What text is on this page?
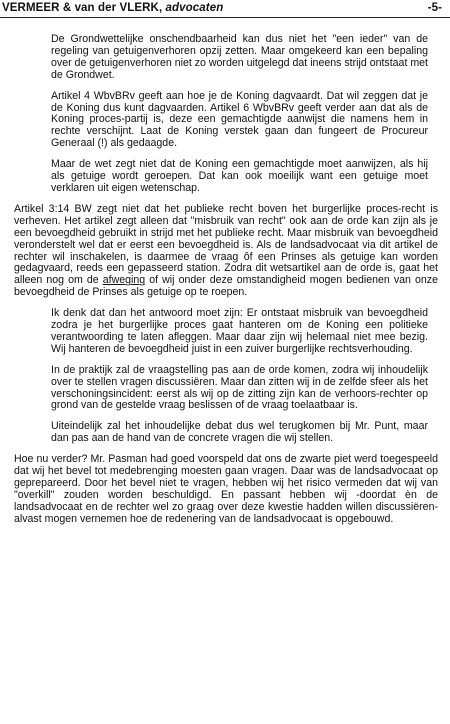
VERMEER & van der VLERK, advocaten	-5-

De Grondwettelijke onschendbaarheid kan dus niet het "een ieder" van de regeling van getuigenverhoren opzij zetten. Maar omgekeerd kan een bepaling over de getuigenverhoren niet zo worden uitgelegd dat ineens strijd ontstaat met de Grondwet.

Artikel 4 WbvBRv geeft aan hoe je de Koning dagvaardt. Dat wil zeggen dat je de Koning dus kunt dagvaarden. Artikel 6 WbvBRv geeft verder aan dat als de Koning proces-partij is, deze een gemachtigde aanwijst die namens hem in rechte verschijnt. Laat de Koning verstek gaan dan fungeert de Procureur Generaal (!) als gedaagde.

Maar de wet zegt niet dat de Koning een gemachtigde moet aanwijzen, als hij als getuige wordt geroepen. Dat kan ook moeilijk want een getuige moet verklaren uit eigen wetenschap.

Artikel 3:14 BW zegt niet dat het publieke recht boven het burgerlijke proces-recht is verheven. Het artikel zegt alleen dat "misbruik van recht" ook aan de orde kan zijn als je een bevoegdheid gebruikt in strijd met het publieke recht. Maar misbruik van bevoegdheid veronderstelt wel dat er eerst een bevoegdheid is. Als de landsadvocaat via dit artikel de rechter wil inschakelen, is daarmee de vraag ôf een Prinses als getuige kan worden gedagvaard, reeds een gepasseerd station. Zodra dit wetsartikel aan de orde is, gaat het alleen nog om de afweging of wij onder deze omstandigheid mogen bedienen van onze bevoegdheid de Prinses als getuige op te roepen.

Ik denk dat dan het antwoord moet zijn: Er ontstaat misbruik van bevoegdheid zodra je het burgerlijke proces gaat hanteren om de Koning een politieke verantwoording te laten afleggen. Maar daar zijn wij helemaal niet mee bezig. Wij hanteren de bevoegdheid juist in een zuiver burgerlijke rechtsverhouding.

In de praktijk zal de vraagstelling pas aan de orde komen, zodra wij inhoudelijk over te stellen vragen discussiëren. Maar dan zitten wij in de zelfde sfeer als het verschoningsincident: eerst als wij op de zitting zijn kan de verhoors-rechter op grond van de gestelde vraag beslissen of de vraag toelaatbaar is.

Uiteindelijk zal het inhoudelijke debat dus wel terugkomen bij Mr. Punt, maar dan pas aan de hand van de concrete vragen die wij stellen.

Hoe nu verder? Mr. Pasman had goed voorspeld dat ons de zwarte piet werd toegespeeld dat wij het bevel tot medebrenging moesten gaan vragen. Daar was de landsadvocaat op geprepareerd. Door het bevel niet te vragen, hebben wij het risico vermeden dat wij van "overkill" zouden worden beschuldigd. En passant hebben wij -doordat èn de landsadvocaat en de rechter wel zo graag over deze kwestie hadden willen discussiëren- alvast mogen vernemen hoe de redenering van de landsadvocaat is opgebouwd.
